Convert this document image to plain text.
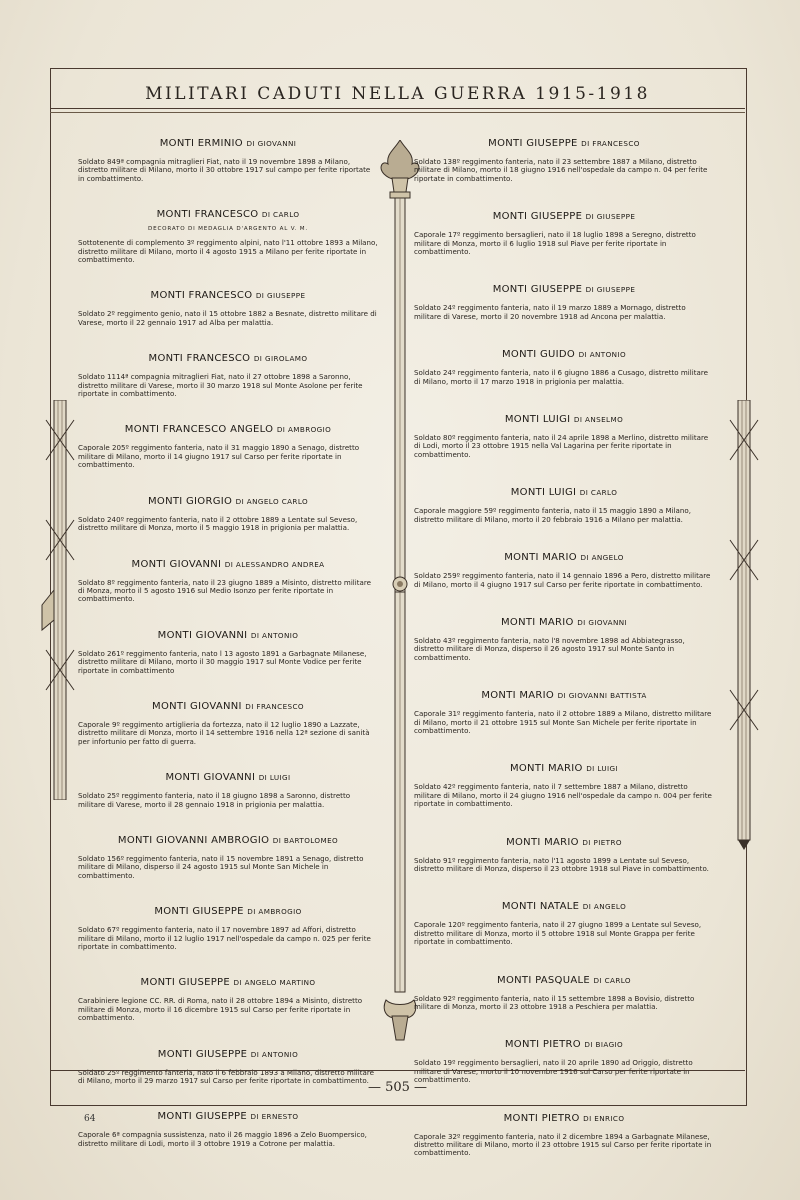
MILITARI CADUTI NELLA GUERRA 1915-1918
MONTI ERMINIO DI GIOVANNI
Soldato 849ª compagnia mitraglieri Fiat, nato il 19 novembre 1898 a Milano, distretto militare di Milano, morto il 30 ottobre 1917 sul campo per ferite riportate in combattimento.
MONTI FRANCESCO DI CARLO
DECORATO DI MEDAGLIA D'ARGENTO AL V. M.
Sottotenente di complemento 3º reggimento alpini, nato l'11 ottobre 1893 a Milano, distretto militare di Milano, morto il 4 agosto 1915 a Milano per ferite riportate in combattimento.
MONTI FRANCESCO DI GIUSEPPE
Soldato 2º reggimento genio, nato il 15 ottobre 1882 a Besnate, distretto militare di Varese, morto il 22 gennaio 1917 ad Alba per malattia.
MONTI FRANCESCO DI GIROLAMO
Soldato 1114ª compagnia mitraglieri Fiat, nato il 27 ottobre 1898 a Saronno, distretto militare di Varese, morto il 30 marzo 1918 sul Monte Asolone per ferite riportate in combattimento.
MONTI FRANCESCO ANGELO DI AMBROGIO
Caporale 205º reggimento fanteria, nato il 31 maggio 1890 a Senago, distretto militare di Milano, morto il 14 giugno 1917 sul Carso per ferite riportate in combattimento.
MONTI GIORGIO DI ANGELO CARLO
Soldato 240º reggimento fanteria, nato il 2 ottobre 1889 a Lentate sul Seveso, distretto militare di Monza, morto il 5 maggio 1918 in prigionia per malattia.
MONTI GIOVANNI DI ALESSANDRO ANDREA
Soldato 8º reggimento fanteria, nato il 23 giugno 1889 a Misinto, distretto militare di Monza, morto il 5 agosto 1916 sul Medio Isonzo per ferite riportate in combattimento.
MONTI GIOVANNI DI ANTONIO
Soldato 261º reggimento fanteria, nato l 13 agosto 1891 a Garbagnate Milanese, distretto militare di Milano, morto il 30 maggio 1917 sul Monte Vodice per ferite riportate in combattimento
MONTI GIOVANNI DI FRANCESCO
Caporale 9º reggimento artiglieria da fortezza, nato il 12 luglio 1890 a Lazzate, distretto militare di Monza, morto il 14 settembre 1916 nella 12ª sezione di sanità per infortunio per fatto di guerra.
MONTI GIOVANNI DI LUIGI
Soldato 25º reggimento fanteria, nato il 18 giugno 1898 a Saronno, distretto militare di Varese, morto il 28 gennaio 1918 in prigionia per malattia.
MONTI GIOVANNI AMBROGIO DI BARTOLOMEO
Soldato 156º reggimento fanteria, nato il 15 novembre 1891 a Senago, distretto militare di Milano, disperso il 24 agosto 1915 sul Monte San Michele in combattimento.
MONTI GIUSEPPE DI AMBROGIO
Soldato 67º reggimento fanteria, nato il 17 novembre 1897 ad Affori, distretto militare di Milano, morto il 12 luglio 1917 nell'ospedale da campo n. 025 per ferite riportate in combattimento.
MONTI GIUSEPPE DI ANGELO MARTINO
Carabiniere legione CC. RR. di Roma, nato il 28 ottobre 1894 a Misinto, distretto militare di Monza, morto il 16 dicembre 1915 sul Carso per ferite riportate in combattimento.
MONTI GIUSEPPE DI ANTONIO
Soldato 25º reggimento fanteria, nato il 6 febbraio 1893 a Milano, distretto militare di Milano, morto il 29 marzo 1917 sul Carso per ferite riportate in combattimento.
MONTI GIUSEPPE DI ERNESTO
Caporale 6ª compagnia sussistenza, nato il 26 maggio 1896 a Zelo Buompersico, distretto militare di Lodi, morto il 3 ottobre 1919 a Cotrone per malattia.
MONTI GIUSEPPE DI FRANCESCO
Soldato 138º reggimento fanteria, nato il 23 settembre 1887 a Milano, distretto militare di Milano, morto il 18 giugno 1916 nell'ospedale da campo n. 04 per ferite riportate in combattimento.
MONTI GIUSEPPE DI GIUSEPPE
Caporale 17º reggimento bersaglieri, nato il 18 luglio 1898 a Seregno, distretto militare di Monza, morto il 6 luglio 1918 sul Piave per ferite riportate in combattimento.
MONTI GIUSEPPE DI GIUSEPPE
Soldato 24º reggimento fanteria, nato il 19 marzo 1889 a Mornago, distretto militare di Varese, morto il 20 novembre 1918 ad Ancona per malattia.
MONTI GUIDO DI ANTONIO
Soldato 24º reggimento fanteria, nato il 6 giugno 1886 a Cusago, distretto militare di Milano, morto il 17 marzo 1918 in prigionia per malattia.
MONTI LUIGI DI ANSELMO
Soldato 80º reggimento fanteria, nato il 24 aprile 1898 a Merlino, distretto militare di Lodi, morto il 23 ottobre 1915 nella Val Lagarina per ferite riportate in combattimento.
MONTI LUIGI DI CARLO
Caporale maggiore 59º reggimento fanteria, nato il 15 maggio 1890 a Milano, distretto militare di Milano, morto il 20 febbraio 1916 a Milano per malattia.
MONTI MARIO DI ANGELO
Soldato 259º reggimento fanteria, nato il 14 gennaio 1896 a Pero, distretto militare di Milano, morto il 4 giugno 1917 sul Carso per ferite riportate in combattimento.
MONTI MARIO DI GIOVANNI
Soldato 43º reggimento fanteria, nato l'8 novembre 1898 ad Abbiategrasso, distretto militare di Monza, disperso il 26 agosto 1917 sul Monte Santo in combattimento.
MONTI MARIO DI GIOVANNI BATTISTA
Caporale 31º reggimento fanteria, nato il 2 ottobre 1889 a Milano, distretto militare di Milano, morto il 21 ottobre 1915 sul Monte San Michele per ferite riportate in combattimento.
MONTI MARIO DI LUIGI
Soldato 42º reggimento fanteria, nato il 7 settembre 1887 a Milano, distretto militare di Milano, morto il 24 giugno 1916 nell'ospedale da campo n. 004 per ferite riportate in combattimento.
MONTI MARIO DI PIETRO
Soldato 91º reggimento fanteria, nato l'11 agosto 1899 a Lentate sul Seveso, distretto militare di Monza, disperso il 23 ottobre 1918 sul Piave in combattimento.
MONTI NATALE DI ANGELO
Caporale 120º reggimento fanteria, nato il 27 giugno 1899 a Lentate sul Seveso, distretto militare di Monza, morto il 5 ottobre 1918 sul Monte Grappa per ferite riportate in combattimento.
MONTI PASQUALE DI CARLO
Soldato 92º reggimento fanteria, nato il 15 settembre 1898 a Bovisio, distretto militare di Monza, morto il 23 ottobre 1918 a Peschiera per malattia.
MONTI PIETRO DI BIAGIO
Soldato 19º reggimento bersaglieri, nato il 20 aprile 1890 ad Origgio, distretto militare di Varese, morto il 10 novembre 1916 sul Carso per ferite riportate in combattimento.
MONTI PIETRO DI ENRICO
Caporale 32º reggimento fanteria, nato il 2 dicembre 1894 a Garbagnate Milanese, distretto militare di Milano, morto il 23 ottobre 1915 sul Carso per ferite riportate in combattimento.
— 505 —
64
